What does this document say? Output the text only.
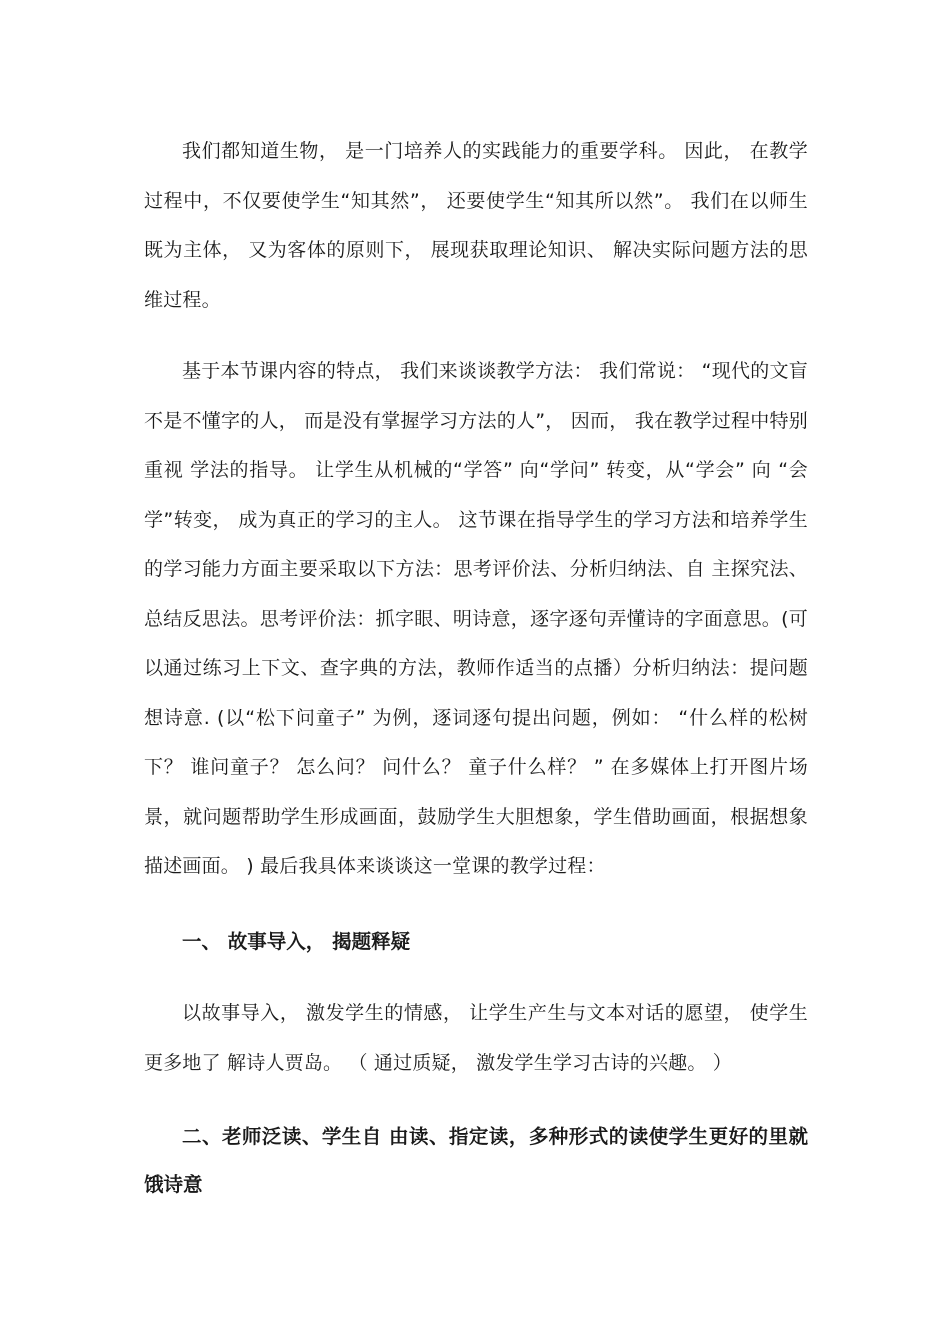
我们都知道生物， 是一门培养人的实践能力的重要学科。 因此， 在教学过程中，不仅要使学生“知其然”， 还要使学生“知其所以然”。 我们在以师生既为主体， 又为客体的原则下， 展现获取理论知识、 解决实际问题方法的思维过程。

基于本节课内容的特点， 我们来谈谈教学方法： 我们常说： “现代的文盲不是不懂字的人， 而是没有掌握学习方法的人”， 因而， 我在教学过程中特别重视 学法的指导。 让学生从机械的“学答” 向“学问” 转变，从“学会” 向 “会学”转变， 成为真正的学习的主人。 这节课在指导学生的学习方法和培养学生的学习能力方面主要采取以下方法：思考评价法、分析归纳法、自 主探究法、总结反思法。思考评价法：抓字眼、明诗意，逐字逐句弄懂诗的字面意思。(可以通过练习上下文、查字典的方法，教师作适当的点播）分析归纳法：提问题 想诗意. (以“松下问童子” 为例，逐词逐句提出问题，例如： “什么样的松树下？ 谁问童子？ 怎么问？ 问什么？ 童子什么样？ ” 在多媒体上打开图片场景，就问题帮助学生形成画面，鼓励学生大胆想象，学生借助画面，根据想象描述画面。 ) 最后我具体来谈谈这一堂课的教学过程：

一、 故事导入， 揭题释疑

以故事导入， 激发学生的情感， 让学生产生与文本对话的愿望， 使学生更多地了 解诗人贾岛。 （ 通过质疑， 激发学生学习古诗的兴趣。 ）

二、老师泛读、学生自 由读、指定读，多种形式的读使学生更好的里就饿诗意
